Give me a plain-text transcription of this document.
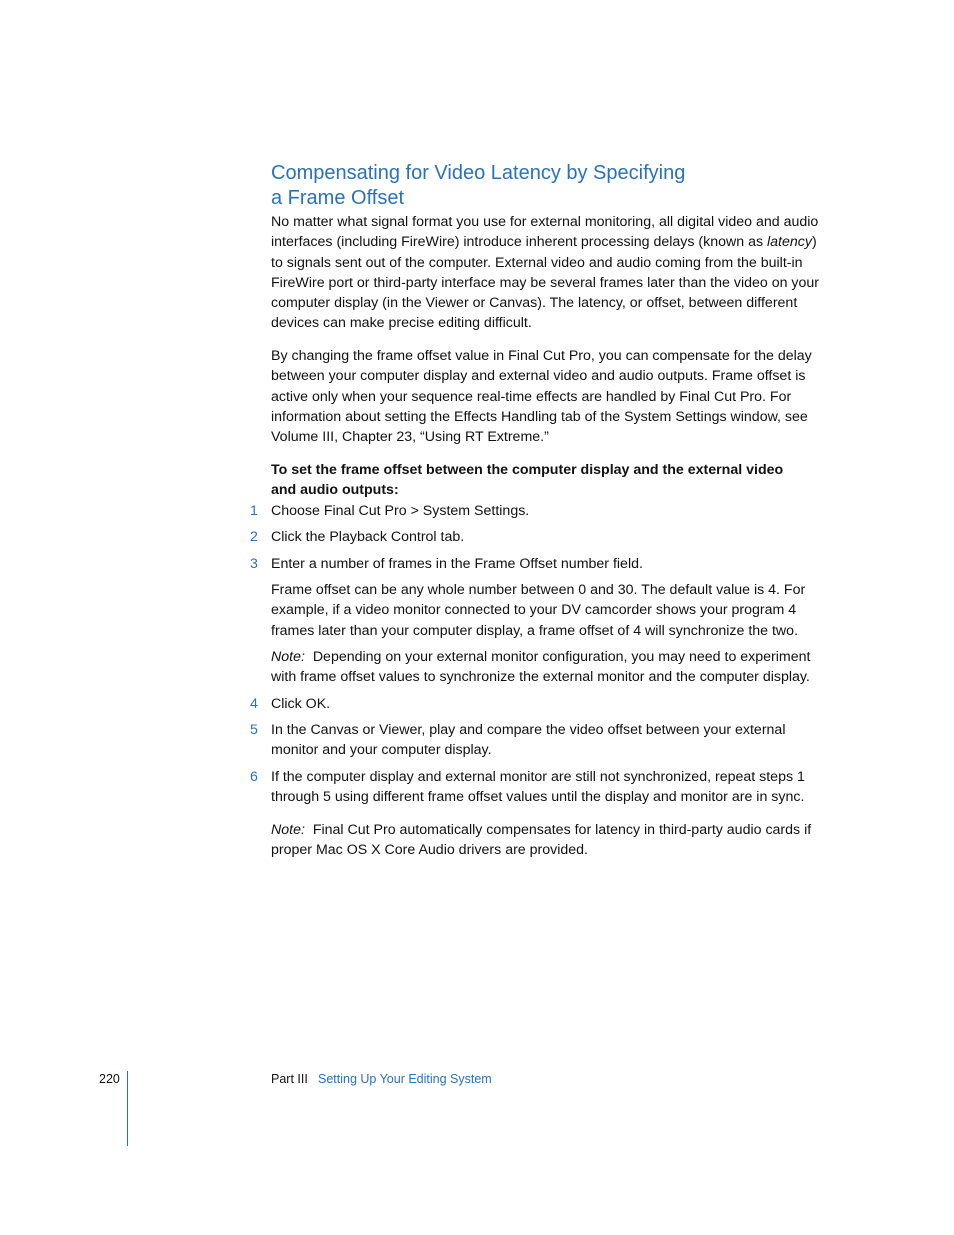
Compensating for Video Latency by Specifying
a Frame Offset

No matter what signal format you use for external monitoring, all digital video and audio interfaces (including FireWire) introduce inherent processing delays (known as latency) to signals sent out of the computer. External video and audio coming from the built-in FireWire port or third-party interface may be several frames later than the video on your computer display (in the Viewer or Canvas). The latency, or offset, between different devices can make precise editing difficult.

By changing the frame offset value in Final Cut Pro, you can compensate for the delay between your computer display and external video and audio outputs. Frame offset is active only when your sequence real-time effects are handled by Final Cut Pro. For information about setting the Effects Handling tab of the System Settings window, see Volume III, Chapter 23, “Using RT Extreme.”

To set the frame offset between the computer display and the external video
and audio outputs:

1 Choose Final Cut Pro > System Settings.
2 Click the Playback Control tab.
3 Enter a number of frames in the Frame Offset number field.

Frame offset can be any whole number between 0 and 30. The default value is 4. For example, if a video monitor connected to your DV camcorder shows your program 4 frames later than your computer display, a frame offset of 4 will synchronize the two.

Note: Depending on your external monitor configuration, you may need to experiment with frame offset values to synchronize the external monitor and the computer display.

4 Click OK.
5 In the Canvas or Viewer, play and compare the video offset between your external monitor and your computer display.
6 If the computer display and external monitor are still not synchronized, repeat steps 1 through 5 using different frame offset values until the display and monitor are in sync.

Note: Final Cut Pro automatically compensates for latency in third-party audio cards if proper Mac OS X Core Audio drivers are provided.

220	Part III Setting Up Your Editing System
